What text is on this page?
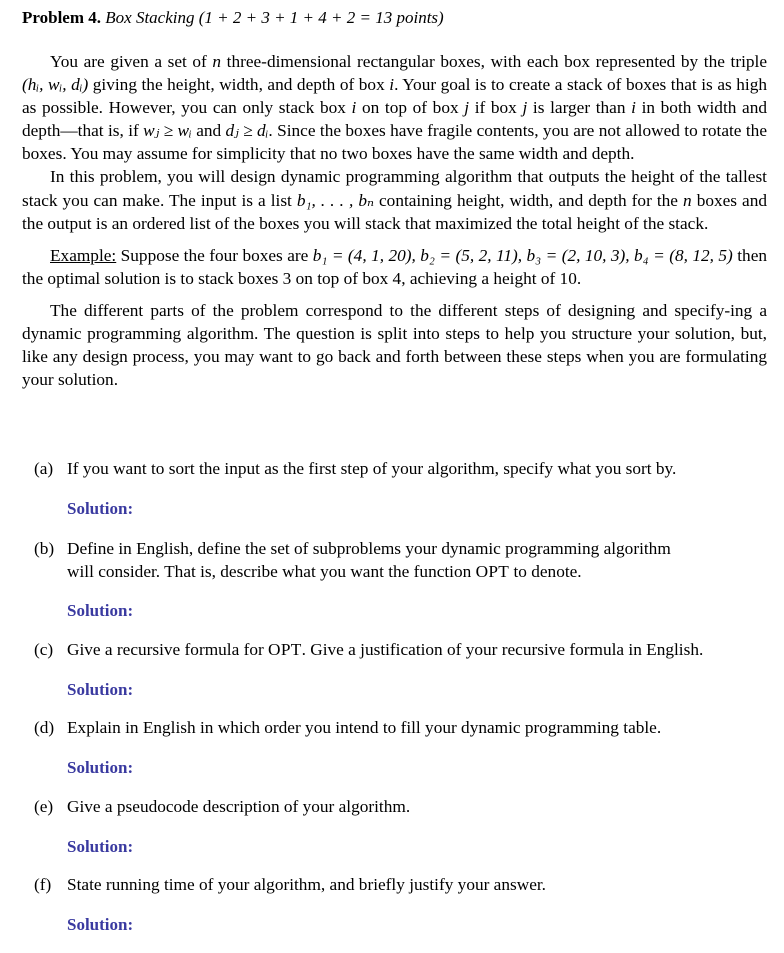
Problem 4. Box Stacking (1 + 2 + 3 + 1 + 4 + 2 = 13 points)

You are given a set of n three-dimensional rectangular boxes, with each box represented by the triple (hᵢ, wᵢ, dᵢ) giving the height, width, and depth of box i. Your goal is to create a stack of boxes that is as high as possible. However, you can only stack box i on top of box j if box j is larger than i in both width and depth—that is, if wⱼ ≥ wᵢ and dⱼ ≥ dᵢ. Since the boxes have fragile contents, you are not allowed to rotate the boxes. You may assume for simplicity that no two boxes have the same width and depth.

In this problem, you will design dynamic programming algorithm that outputs the height of the tallest stack you can make. The input is a list b₁, . . . , bₙ containing height, width, and depth for the n boxes and the output is an ordered list of the boxes you will stack that maximized the total height of the stack.

Example: Suppose the four boxes are b₁ = (4, 1, 20), b₂ = (5, 2, 11), b₃ = (2, 10, 3), b₄ = (8, 12, 5) then the optimal solution is to stack boxes 3 on top of box 4, achieving a height of 10.

The different parts of the problem correspond to the different steps of designing and specify-ing a dynamic programming algorithm. The question is split into steps to help you structure your solution, but, like any design process, you may want to go back and forth between these steps when you are formulating your solution.

(a) If you want to sort the input as the first step of your algorithm, specify what you sort by.
Solution:
(b) Define in English, define the set of subproblems your dynamic programming algorithm
will consider. That is, describe what you want the function OPT to denote.
Solution:
(c) Give a recursive formula for OPT. Give a justification of your recursive formula in English.
Solution:
(d) Explain in English in which order you intend to fill your dynamic programming table.
Solution:
(e) Give a pseudocode description of your algorithm.
Solution:
(f) State running time of your algorithm, and briefly justify your answer.
Solution:
